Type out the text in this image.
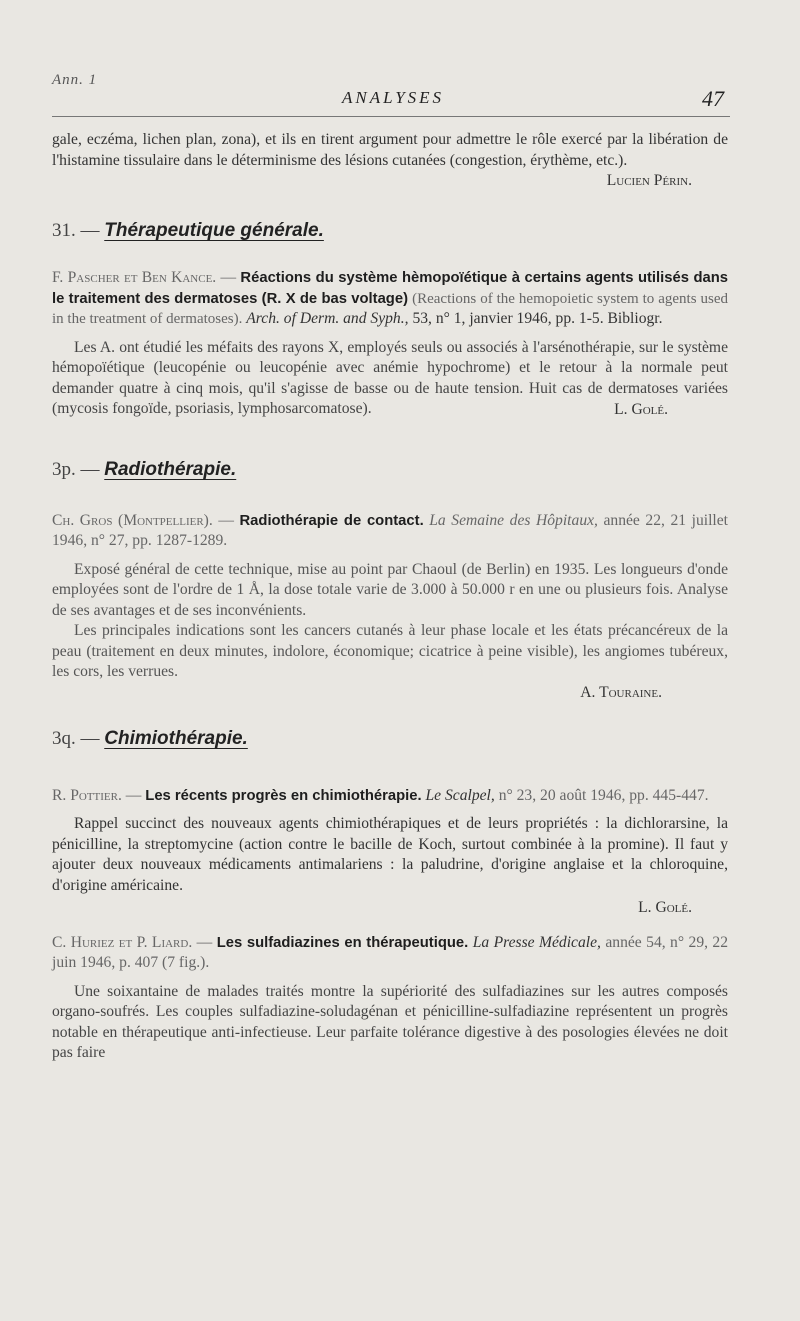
Ann. 1
ANALYSES	47

gale, eczéma, lichen plan, zona), et ils en tirent argument pour admettre le rôle exercé par la libération de l'histamine tissulaire dans le déterminisme des lésions cutanées (congestion, érythème, etc.).

Lucien Périn.

31. — Thérapeutique générale.

F. Pascher et Ben Kance. — Réactions du système hèmopoïétique à certains agents utilisés dans le traitement des dermatoses (R. X de bas voltage) (Reactions of the hemopoietic system to agents used in the treatment of dermatoses). Arch. of Derm. and Syph., 53, n° 1, janvier 1946, pp. 1-5. Bibliogr.

Les A. ont étudié les méfaits des rayons X, employés seuls ou associés à l'arsénothérapie, sur le système hémopoïétique (leucopénie ou leucopénie avec anémie hypochrome) et le retour à la normale peut demander quatre à cinq mois, qu'il s'agisse de basse ou de haute tension. Huit cas de dermatoses variées (mycosis fongoïde, psoriasis, lymphosarcomatose).	L. Golé.

3p. — Radiothérapie.

Ch. Gros (Montpellier). — Radiothérapie de contact. La Semaine des Hôpitaux, année 22, 21 juillet 1946, n° 27, pp. 1287-1289.

Exposé général de cette technique, mise au point par Chaoul (de Berlin) en 1935. Les longueurs d'onde employées sont de l'ordre de 1 Å, la dose totale varie de 3.000 à 50.000 r en une ou plusieurs fois. Analyse de ses avantages et de ses inconvénients.

Les principales indications sont les cancers cutanés à leur phase locale et les états précancéreux de la peau (traitement en deux minutes, indolore, économique; cicatrice à peine visible), les angiomes tubéreux, les cors, les verrues.

A. Touraine.

3q. — Chimiothérapie.

R. Pottier. — Les récents progrès en chimiothérapie. Le Scalpel, n° 23, 20 août 1946, pp. 445-447.

Rappel succinct des nouveaux agents chimiothérapiques et de leurs propriétés : la dichlorarsine, la pénicilline, la streptomycine (action contre le bacille de Koch, surtout combinée à la promine). Il faut y ajouter deux nouveaux médicaments antimalariens : la paludrine, d'origine anglaise et la chloroquine, d'origine américaine.

L. Golé.

C. Huriez et P. Liard. — Les sulfadiazines en thérapeutique. La Presse Médicale, année 54, n° 29, 22 juin 1946, p. 407 (7 fig.).

Une soixantaine de malades traités montre la supériorité des sulfadiazines sur les autres composés organo-soufrés. Les couples sulfadiazine-soludagénan et pénicilline-sulfadiazine représentent un progrès notable en thérapeutique anti-infectieuse. Leur parfaite tolérance digestive à des posologies élevées ne doit pas faire
